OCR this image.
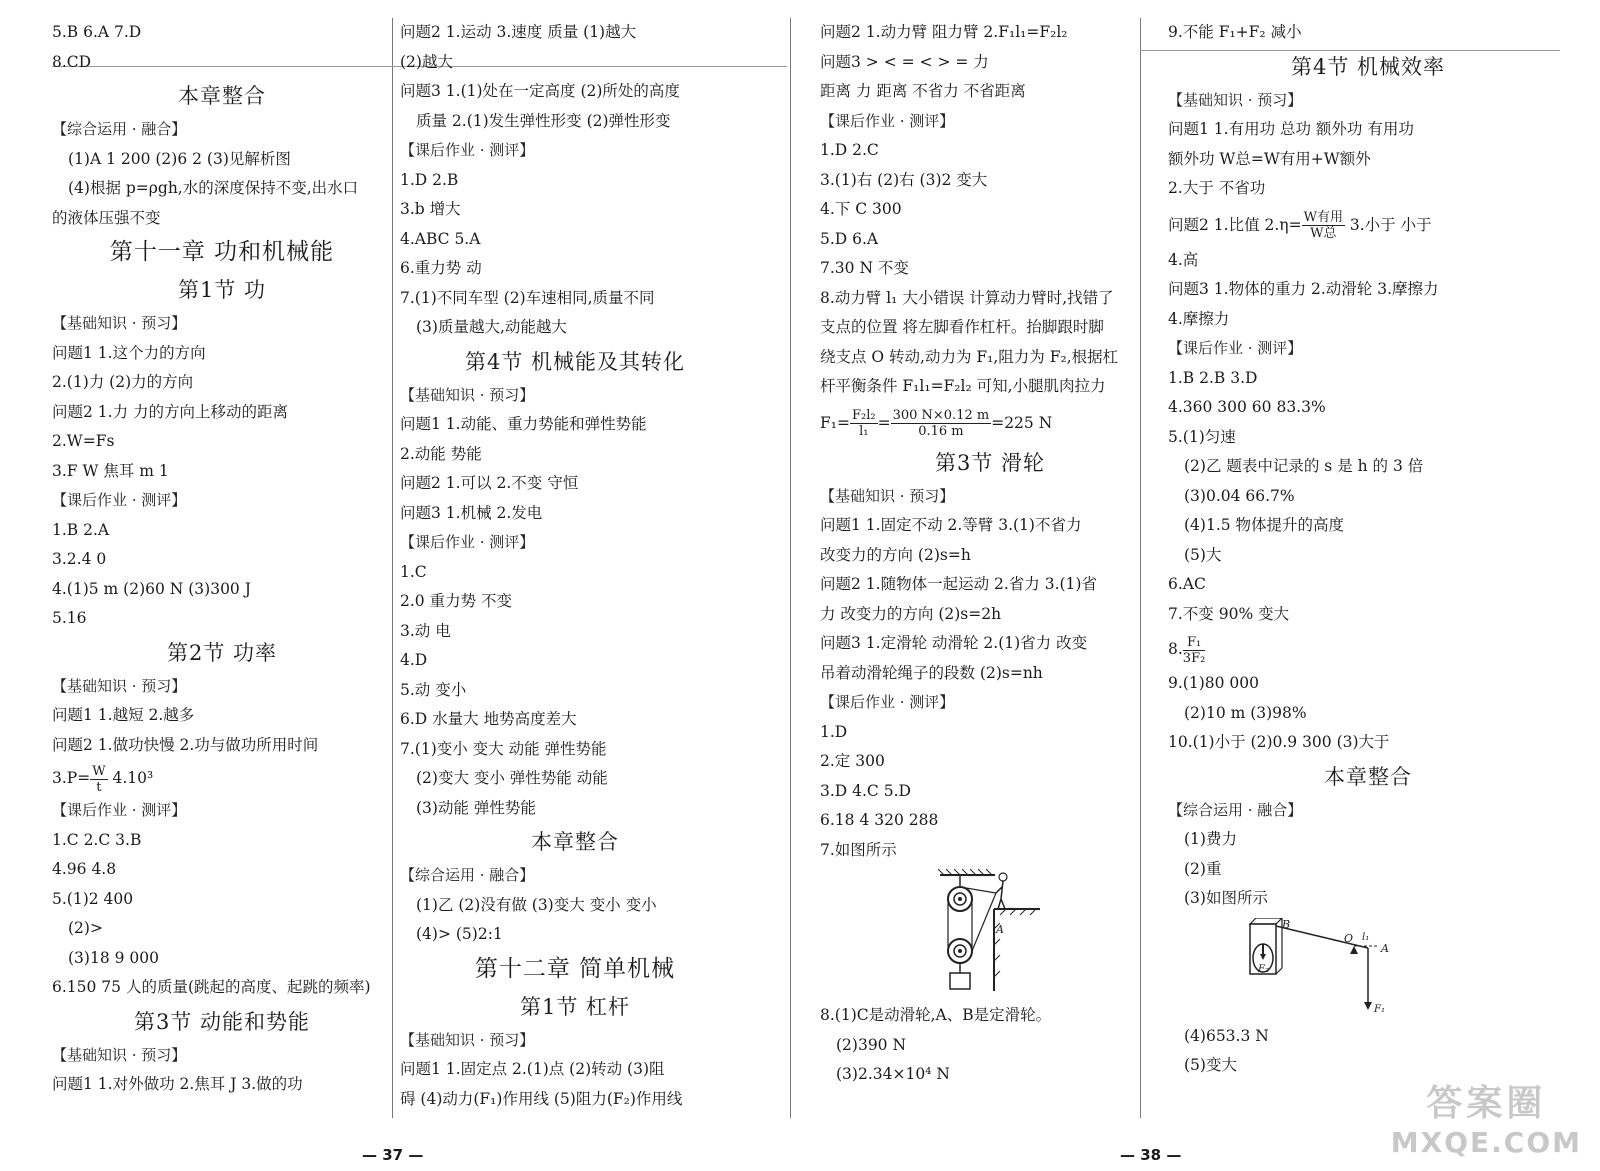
5.B 6.A 7.D
8.CD
本章整合
【综合运用 · 融合】
(1)A 1 200 (2)6 2 (3)见解析图
(4)根据 p=ρgh,水的深度保持不变,出水口
的液体压强不变
第十一章 功和机械能
第1节 功
【基础知识 · 预习】
问题1 1.这个力的方向
2.(1)力 (2)力的方向
问题2 1.力 力的方向上移动的距离
2.W=Fs
3.F W 焦耳 m 1
【课后作业 · 测评】
1.B 2.A
3.2.4 0
4.(1)5 m (2)60 N (3)300 J
5.16
第2节 功率
【基础知识 · 预习】
问题1 1.越短 2.越多
问题2 1.做功快慢 2.功与做功所用时间
$3.P= \frac{W}{t} 4.10^3$
【课后作业 · 测评】
1.C 2.C 3.B
4.96 4.8
5.(1)2 400
(2)>
(3)18 9 000
6.150 75 人的质量(跳起的高度、起跳的频率)
第3节 动能和势能
【基础知识 · 预习】
问题1 1.对外做功 2.焦耳 J 3.做的功
问题2 1.运动 3.速度 质量 (1)越大
(2)越大
问题3 1.(1)处在一定高度 (2)所处的高度
质量 2.(1)发生弹性形变 (2)弹性形变
【课后作业 · 测评】
1.D 2.B
3.b 增大
4.ABC 5.A
6.重力势 动
7.(1)不同车型 (2)车速相同,质量不同
(3)质量越大,动能越大
第4节 机械能及其转化
【基础知识 · 预习】
问题1 1.动能、重力势能和弹性势能
2.动能 势能
问题2 1.可以 2.不变 守恒
问题3 1.机械 2.发电
【课后作业 · 测评】
1.C
2.0 重力势 不变
3.动 电
4.D
5.动 变小
6.D 水量大 地势高度差大
7.(1)变小 变大 动能 弹性势能
(2)变大 变小 弹性势能 动能
(3)动能 弹性势能
本章整合
【综合运用 · 融合】
(1)乙 (2)没有做 (3)变大 变小 变小
(4)> (5)2:1
第十二章 简单机械
第1节 杠杆
【基础知识 · 预习】
问题1 1.固定点 2.(1)点 (2)转动 (3)阻
碍 (4)动力(F₁)作用线 (5)阻力(F₂)作用线
问题2 1.动力臂 阻力臂 2.F₁l₁=F₂l₂
问题3 > < = < > = 力
距离 力 距离 不省力 不省距离
【课后作业 · 测评】
1.D 2.C
3.(1)右 (2)右 (3)2 变大
4.下 C 300
5.D 6.A
7.30 N 不变
8.动力臂 l₁ 大小错误 计算动力臂时,找错了
支点的位置 将左脚看作杠杆。抬脚跟时脚
绕支点 O 转动,动力为 F₁,阻力为 F₂,根据杠
杆平衡条件 F₁l₁=F₂l₂ 可知,小腿肌肉拉力
$F_1= \frac{\text{F₂l₂}}{\text{l₁}} = \frac{300 N\times 0.12 m}{0.16 m} =225$ N
第3节 滑轮
【基础知识 · 预习】
问题1 1.固定不动 2.等臂 3.(1)不省力
改变力的方向 (2)s=h
问题2 1.随物体一起运动 2.省力 3.(1)省
力 改变力的方向 (2)s=2h
问题3 1.定滑轮 动滑轮 2.(1)省力 改变
吊着动滑轮绳子的段数 (2)s=nh
【课后作业 · 测评】
1.D
2.定 300
3.D 4.C 5.D
6.18 4 320 288
7.如图所示
A
8.(1)C是动滑轮,A、B是定滑轮。
(2)390 N
(3)2.34×10⁴ N
9.不能 F₁+F₂ 减小
第4节 机械效率
【基础知识 · 预习】
问题1 1.有用功 总功 额外功 有用功
额外功 W总=W有用+W额外
2.大于 不省功
问题2 1.比值 $2.\eta= \frac{\text{W有用}}{\text{W总}} 3$.小于 小于
4.高
问题3 1.物体的重力 2.动滑轮 3.摩擦力
4.摩擦力
【课后作业 · 测评】
1.B 2.B 3.D
4.360 300 60 83.3%
5.(1)匀速
(2)乙 题表中记录的 s 是 h 的 3 倍
(3)0.04 66.7%
(4)1.5 物体提升的高度
(5)大
6.AC
7.不变 90% 变大
8. $\frac{\text{F₁}}{\text{3F₂}}$
9.(1)80 000
(2)10 m (3)98%
10.(1)小于 (2)0.9 300 (3)大于
本章整合
【综合运用 · 融合】
(1)费力
(2)重
(3)如图所示
F₂
B
O l₁
A
F₁
(4)653.3 N
(5)变大
— 37 —	— 38 —
答案圈
MXQE.COM
